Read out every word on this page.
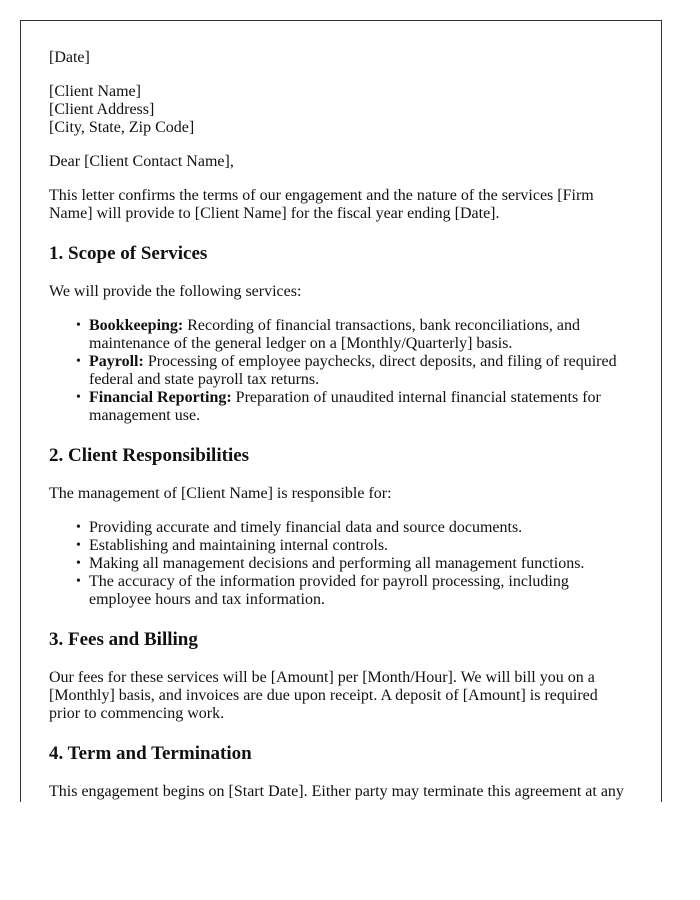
[Date]

[Client Name]

[Client Address]

[City, State, Zip Code]

Dear [Client Contact Name],

This letter confirms the terms of our engagement and the nature of the services [Firm Name] will provide to [Client Name] for the fiscal year ending [Date].

1. Scope of Services

We will provide the following services:

• Bookkeeping: Recording of financial transactions, bank reconciliations, and maintenance of the general ledger on a [Monthly/Quarterly] basis.
• Payroll: Processing of employee paychecks, direct deposits, and filing of required federal and state payroll tax returns.
• Financial Reporting: Preparation of unaudited internal financial statements for management use.
2. Client Responsibilities

The management of [Client Name] is responsible for:

• Providing accurate and timely financial data and source documents.
• Establishing and maintaining internal controls.
• Making all management decisions and performing all management functions.
• The accuracy of the information provided for payroll processing, including employee hours and tax information.
3. Fees and Billing

Our fees for these services will be [Amount] per [Month/Hour]. We will bill you on a [Monthly] basis, and invoices are due upon receipt. A deposit of [Amount] is required prior to commencing work.

4. Term and Termination

This engagement begins on [Start Date]. Either party may terminate this agreement at any
